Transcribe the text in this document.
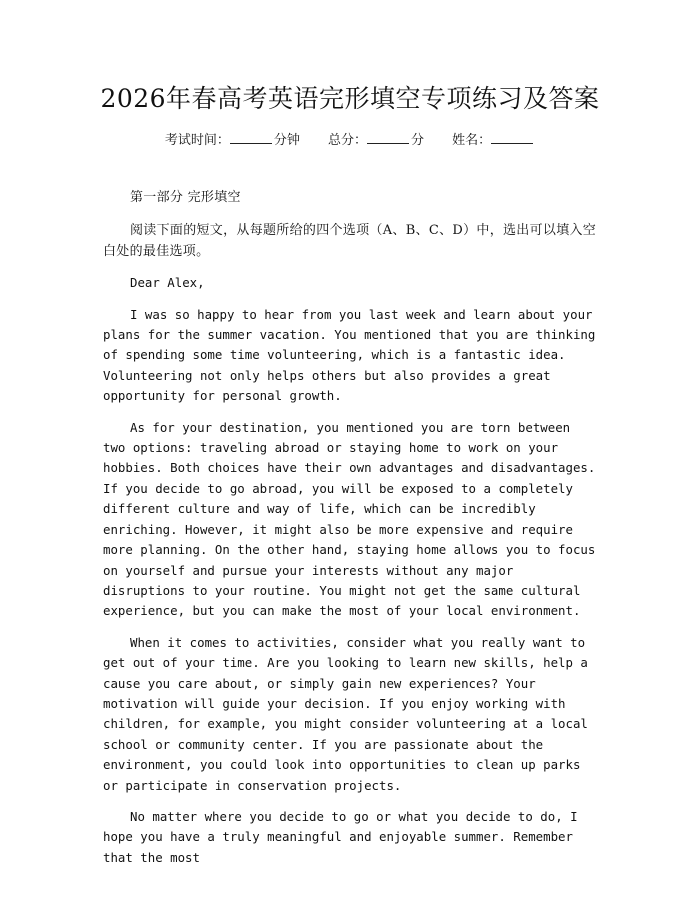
2026年春高考英语完形填空专项练习及答案
考试时间：	分钟 总分：	分 姓名：

第一部分 完形填空

阅读下面的短文，从每题所给的四个选项（A、B、C、D）中，选出可以填入空白处的最佳选项。

Dear Alex,

I was so happy to hear from you last week and learn about your plans for the summer vacation. You mentioned that you are thinking of spending some time volunteering, which is a fantastic idea. Volunteering not only helps others but also provides a great opportunity for personal growth.

As for your destination, you mentioned you are torn between two options: traveling abroad or staying home to work on your hobbies. Both choices have their own advantages and disadvantages. If you decide to go abroad, you will be exposed to a completely different culture and way of life, which can be incredibly enriching. However, it might also be more expensive and require more planning. On the other hand, staying home allows you to focus on yourself and pursue your interests without any major disruptions to your routine. You might not get the same cultural experience, but you can make the most of your local environment.

When it comes to activities, consider what you really want to get out of your time. Are you looking to learn new skills, help a cause you care about, or simply gain new experiences? Your motivation will guide your decision. If you enjoy working with children, for example, you might consider volunteering at a local school or community center. If you are passionate about the environment, you could look into opportunities to clean up parks or participate in conservation projects.

No matter where you decide to go or what you decide to do, I hope you have a truly meaningful and enjoyable summer. Remember that the most
